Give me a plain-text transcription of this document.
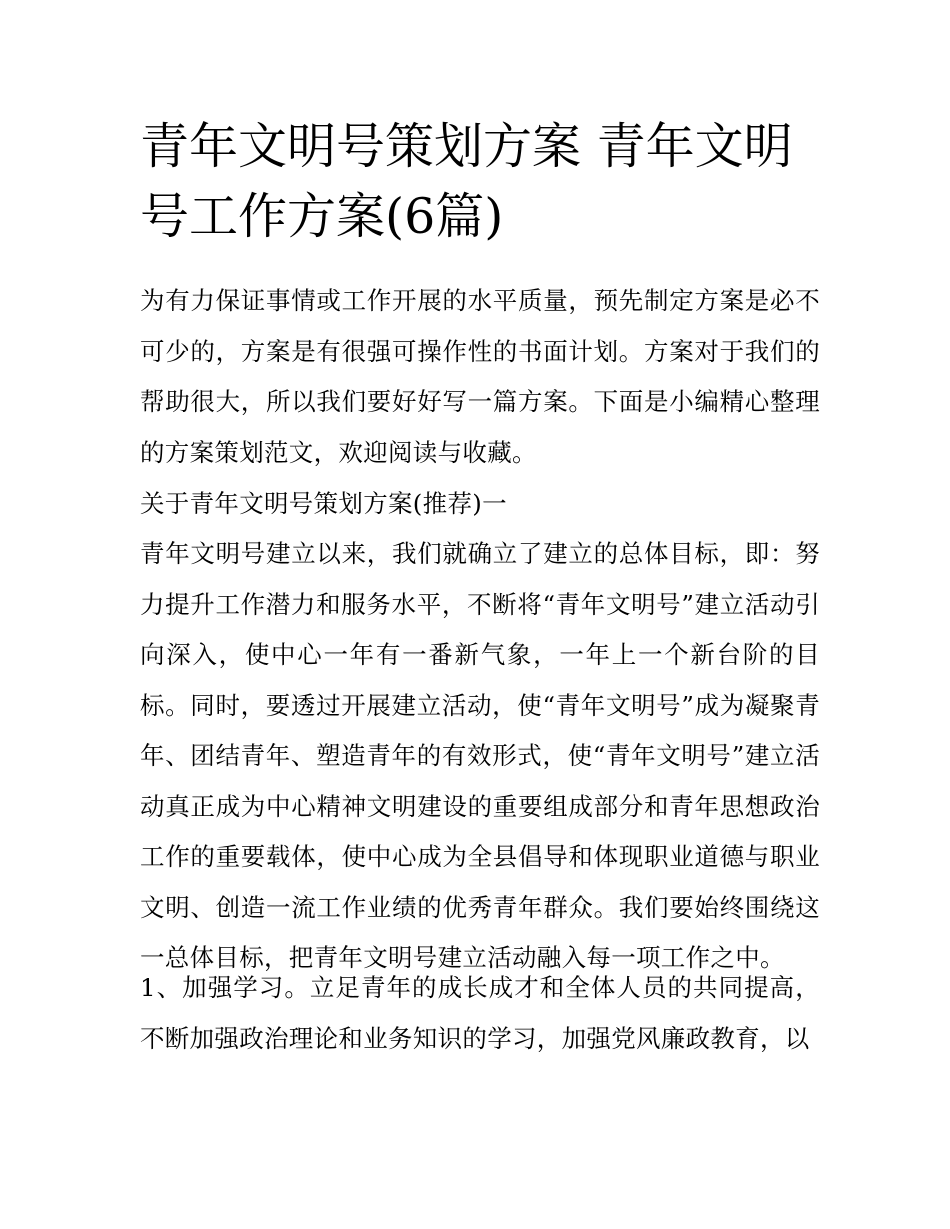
青年文明号策划方案 青年文明号工作方案(6篇)
为有力保证事情或工作开展的水平质量，预先制定方案是必不可少的，方案是有很强可操作性的书面计划。方案对于我们的帮助很大，所以我们要好好写一篇方案。下面是小编精心整理的方案策划范文，欢迎阅读与收藏。
关于青年文明号策划方案(推荐)一
青年文明号建立以来，我们就确立了建立的总体目标，即：努力提升工作潜力和服务水平，不断将“青年文明号”建立活动引向深入，使中心一年有一番新气象，一年上一个新台阶的目标。同时，要透过开展建立活动，使“青年文明号”成为凝聚青年、团结青年、塑造青年的有效形式，使“青年文明号”建立活动真正成为中心精神文明建设的重要组成部分和青年思想政治工作的重要载体，使中心成为全县倡导和体现职业道德与职业文明、创造一流工作业绩的优秀青年群众。我们要始终围绕这一总体目标，把青年文明号建立活动融入每一项工作之中。
1、加强学习。立足青年的成长成才和全体人员的共同提高，不断加强政治理论和业务知识的学习，加强党风廉政教育，以
